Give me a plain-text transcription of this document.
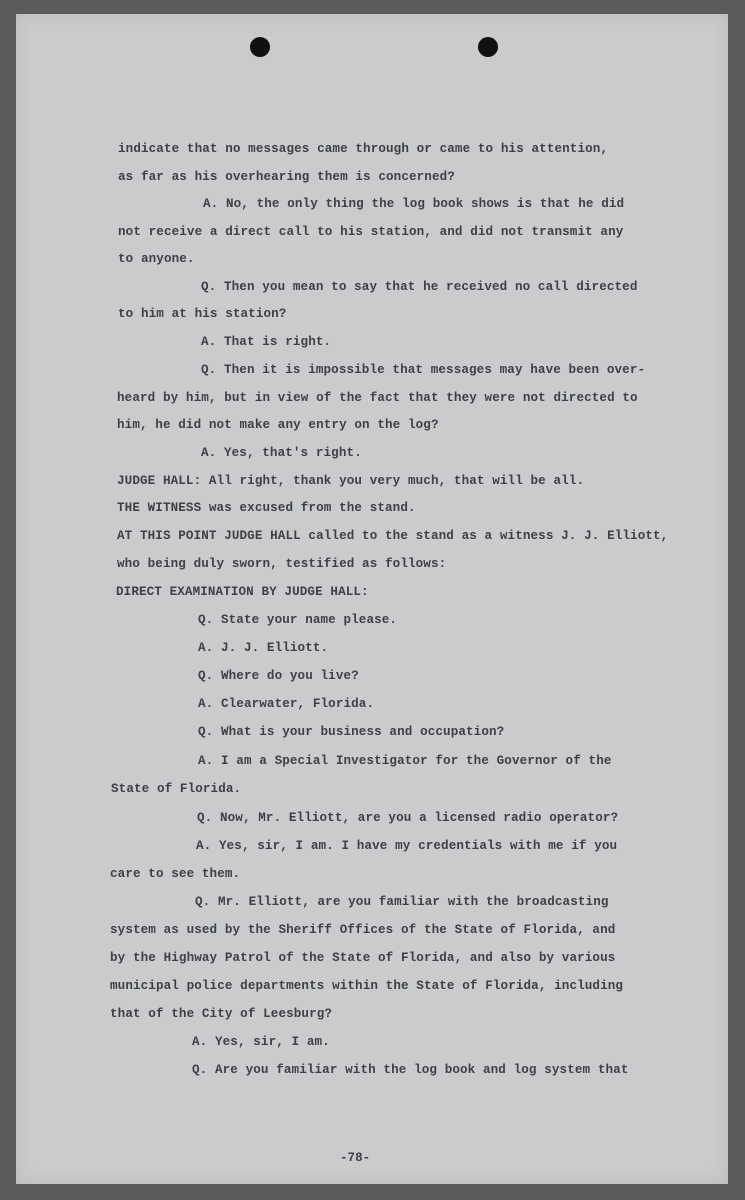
indicate that no messages came through or came to his attention,

as far as his overhearing them is concerned?

A. No, the only thing the log book shows is that he did

not receive a direct call to his station, and did not transmit any

to anyone.

Q. Then you mean to say that he received no call directed

to him at his station?

A. That is right.

Q. Then it is impossible that messages may have been over-

heard by him, but in view of the fact that they were not directed to

him, he did not make any entry on the log?

A. Yes, that's right.

JUDGE HALL: All right, thank you very much, that will be all.

THE WITNESS was excused from the stand.

AT THIS POINT JUDGE HALL called to the stand as a witness J. J. Elliott,

who being duly sworn, testified as follows:

DIRECT EXAMINATION BY JUDGE HALL:

Q. State your name please.

A. J. J. Elliott.

Q. Where do you live?

A. Clearwater, Florida.

Q. What is your business and occupation?

A. I am a Special Investigator for the Governor of the

State of Florida.

Q. Now, Mr. Elliott, are you a licensed radio operator?

A. Yes, sir, I am. I have my credentials with me if you

care to see them.

Q. Mr. Elliott, are you familiar with the broadcasting

system as used by the Sheriff Offices of the State of Florida, and

by the Highway Patrol of the State of Florida, and also by various

municipal police departments within the State of Florida, including

that of the City of Leesburg?

A. Yes, sir, I am.

Q. Are you familiar with the log book and log system that

-78-
